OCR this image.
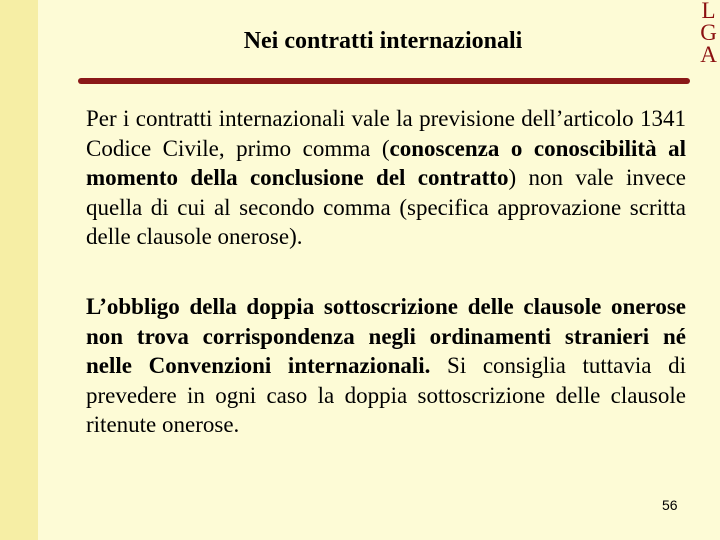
L
G
A
Nei contratti internazionali

Per i contratti internazionali vale la previsione dell’articolo 1341 Codice Civile, primo comma (conoscenza o conoscibilità al momento della conclusione del contratto) non vale invece quella di cui al secondo comma (specifica approvazione scritta delle clausole onerose).

L’obbligo della doppia sottoscrizione delle clausole onerose non trova corrispondenza negli ordinamenti stranieri né nelle Convenzioni internazionali. Si consiglia tuttavia di prevedere in ogni caso la doppia sottoscrizione delle clausole ritenute onerose.

56
